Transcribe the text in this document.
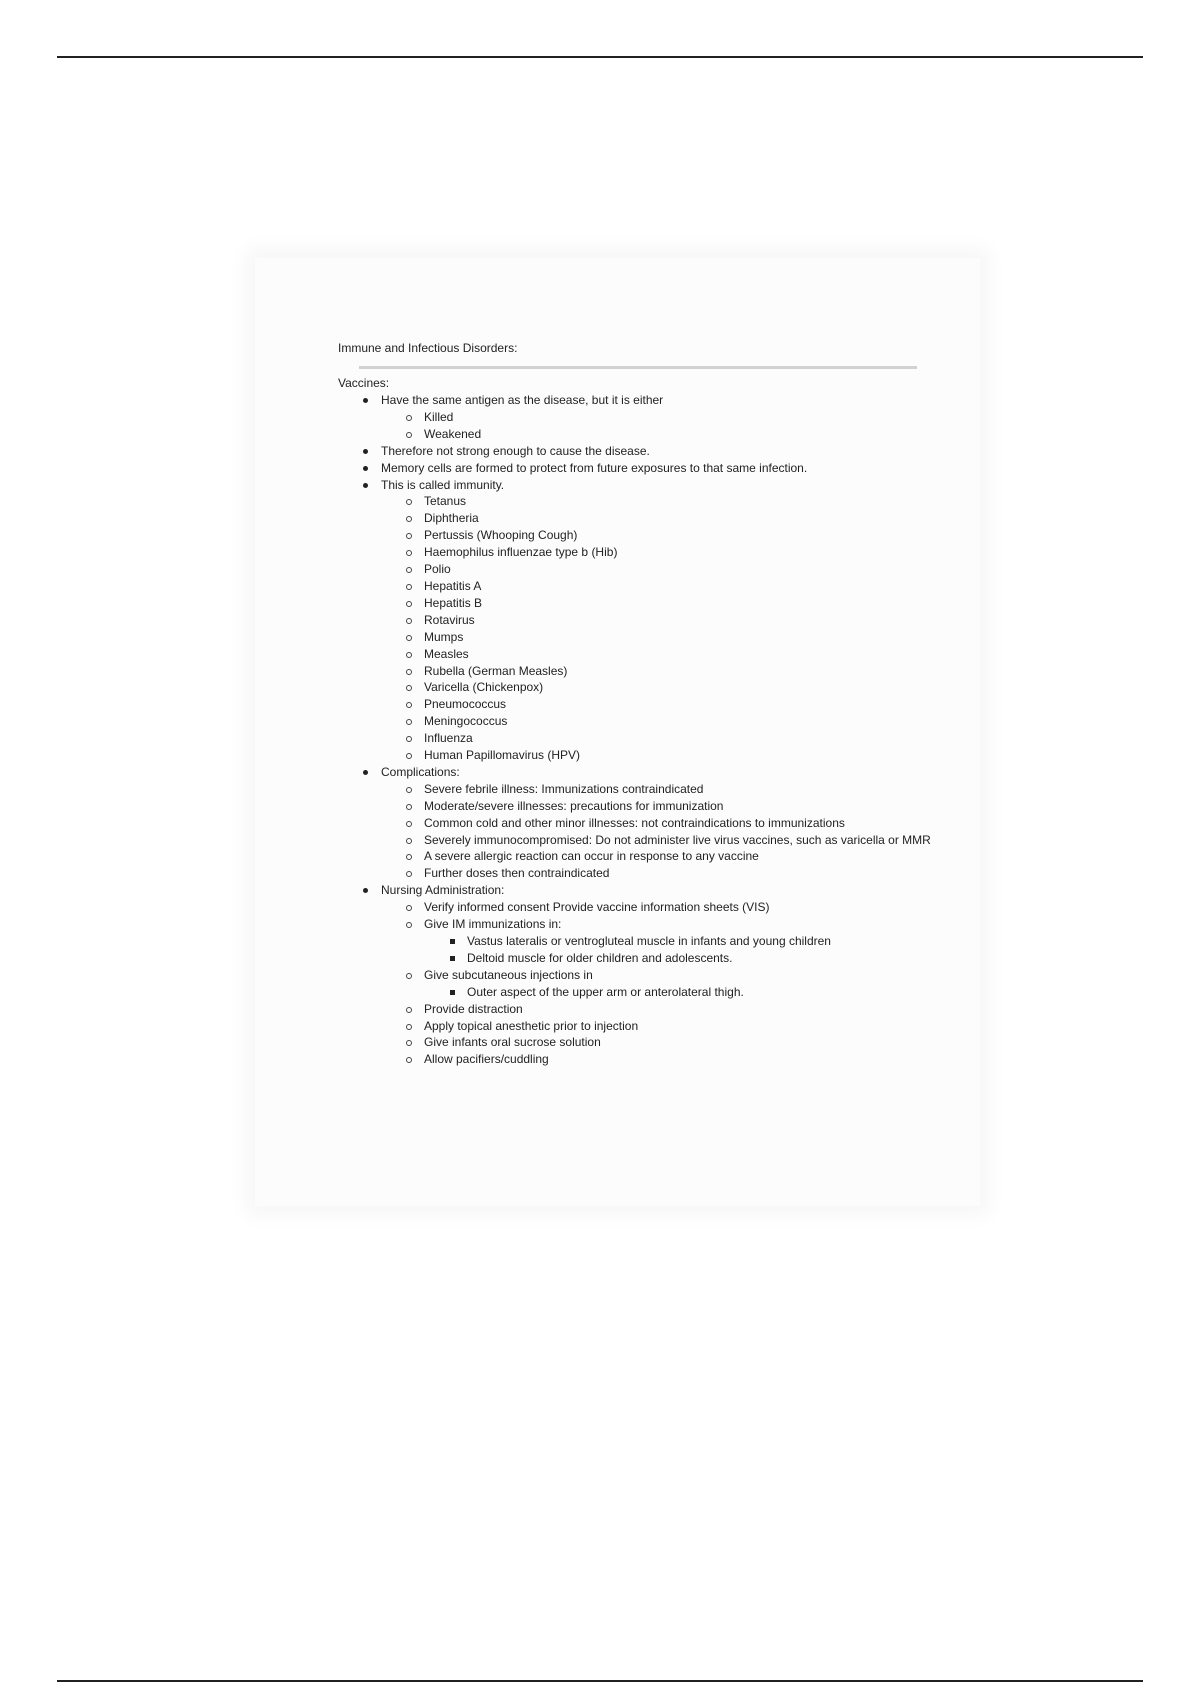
Immune and Infectious Disorders:

Vaccines:

Have the same antigen as the disease, but it is either
Killed
Weakened
Therefore not strong enough to cause the disease.
Memory cells are formed to protect from future exposures to that same infection.
This is called immunity.
Tetanus
Diphtheria
Pertussis (Whooping Cough)
Haemophilus influenzae type b (Hib)
Polio
Hepatitis A
Hepatitis B
Rotavirus
Mumps
Measles
Rubella (German Measles)
Varicella (Chickenpox)
Pneumococcus
Meningococcus
Influenza
Human Papillomavirus (HPV)
Complications:
Severe febrile illness: Immunizations contraindicated
Moderate/severe illnesses: precautions for immunization
Common cold and other minor illnesses: not contraindications to immunizations
Severely immunocompromised: Do not administer live virus vaccines, such as varicella or MMR
A severe allergic reaction can occur in response to any vaccine
Further doses then contraindicated
Nursing Administration:
Verify informed consent Provide vaccine information sheets (VIS)
Give IM immunizations in:
Vastus lateralis or ventrogluteal muscle in infants and young children
Deltoid muscle for older children and adolescents.
Give subcutaneous injections in
Outer aspect of the upper arm or anterolateral thigh.
Provide distraction
Apply topical anesthetic prior to injection
Give infants oral sucrose solution
Allow pacifiers/cuddling
